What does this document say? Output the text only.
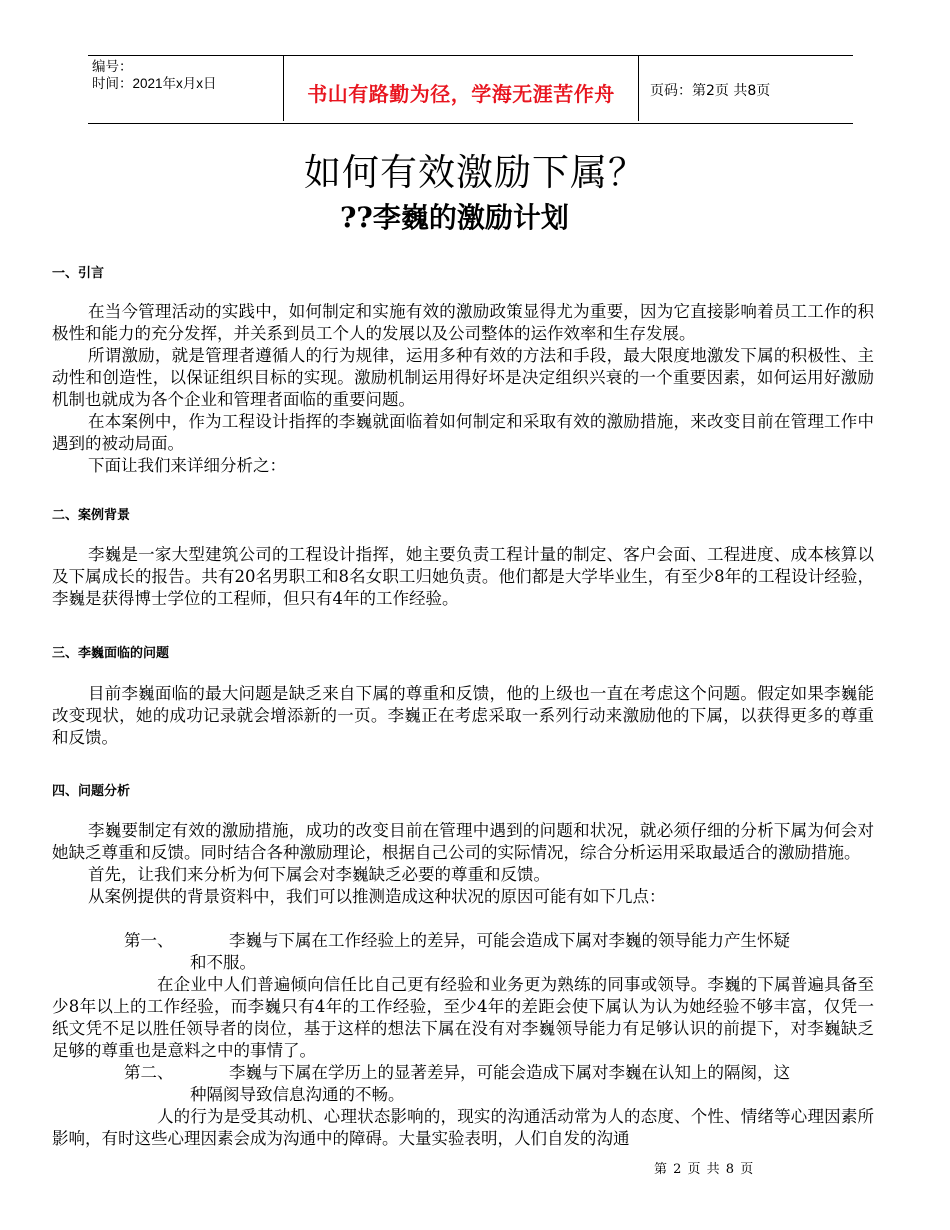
编号：
时间：2021年x月x日	书山有路勤为径，学海无涯苦作舟	页码：第2页 共8页
如何有效激励下属？
??李巍的激励计划
一、引言

在当今管理活动的实践中，如何制定和实施有效的激励政策显得尤为重要，因为它直接影响着员工工作的积极性和能力的充分发挥，并关系到员工个人的发展以及公司整体的运作效率和生存发展。

所谓激励，就是管理者遵循人的行为规律，运用多种有效的方法和手段，最大限度地激发下属的积极性、主动性和创造性，以保证组织目标的实现。激励机制运用得好坏是决定组织兴衰的一个重要因素，如何运用好激励机制也就成为各个企业和管理者面临的重要问题。

在本案例中，作为工程设计指挥的李巍就面临着如何制定和采取有效的激励措施，来改变目前在管理工作中遇到的被动局面。

下面让我们来详细分析之：

二、案例背景

李巍是一家大型建筑公司的工程设计指挥，她主要负责工程计量的制定、客户会面、工程进度、成本核算以及下属成长的报告。共有20名男职工和8名女职工归她负责。他们都是大学毕业生，有至少8年的工程设计经验，李巍是获得博士学位的工程师，但只有4年的工作经验。

三、李巍面临的问题

目前李巍面临的最大问题是缺乏来自下属的尊重和反馈，他的上级也一直在考虑这个问题。假定如果李巍能改变现状，她的成功记录就会增添新的一页。李巍正在考虑采取一系列行动来激励他的下属，以获得更多的尊重和反馈。

四、问题分析

李巍要制定有效的激励措施，成功的改变目前在管理中遇到的问题和状况，就必须仔细的分析下属为何会对她缺乏尊重和反馈。同时结合各种激励理论，根据自己公司的实际情况，综合分析运用采取最适合的激励措施。

首先，让我们来分析为何下属会对李巍缺乏必要的尊重和反馈。

从案例提供的背景资料中，我们可以推测造成这种状况的原因可能有如下几点：

第一、	李巍与下属在工作经验上的差异，可能会造成下属对李巍的领导能力产生怀疑
和不服。

在企业中人们普遍倾向信任比自己更有经验和业务更为熟练的同事或领导。李巍的下属普遍具备至少8年以上的工作经验，而李巍只有4年的工作经验，至少4年的差距会使下属认为认为她经验不够丰富，仅凭一纸文凭不足以胜任领导者的岗位，基于这样的想法下属在没有对李巍领导能力有足够认识的前提下，对李巍缺乏足够的尊重也是意料之中的事情了。

第二、	李巍与下属在学历上的显著差异，可能会造成下属对李巍在认知上的隔阂，这
种隔阂导致信息沟通的不畅。

人的行为是受其动机、心理状态影响的，现实的沟通活动常为人的态度、个性、情绪等心理因素所影响，有时这些心理因素会成为沟通中的障碍。大量实验表明，人们自发的沟通

第 2 页 共 8 页
